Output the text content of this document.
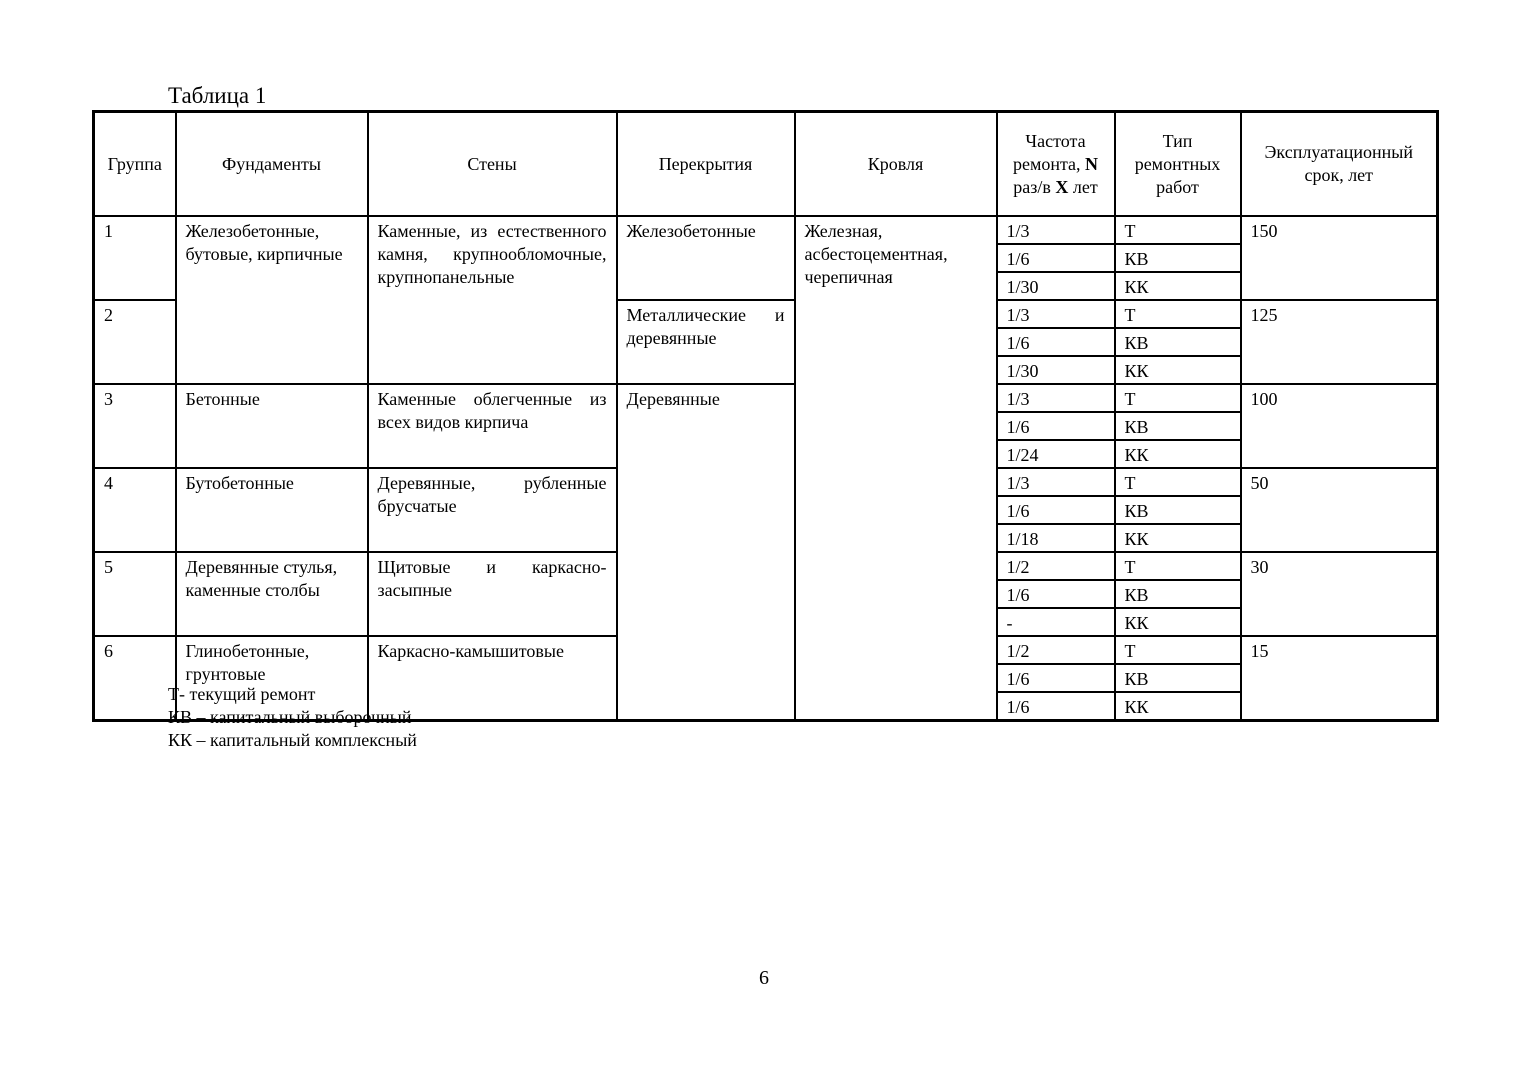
Таблица 1
Группа	Фундаменты	Стены	Перекрытия	Кровля	Частота ремонта, N раз/в X лет	Тип ремонтных работ	Эксплуатационный срок, лет
1	Железобетонные, бутовые, кирпичные	Каменные, из естественного камня, крупнообломочные, крупнопанельные	Железобетонные	Железная, асбестоцементная, черепичная	1/3	Т	150
					1/6	КВ	
					1/30	КК	
2			Металлические и деревянные		1/3	Т	125
					1/6	КВ	
					1/30	КК	
3	Бетонные	Каменные облегченные из всех видов кирпича	Деревянные		1/3	Т	100
					1/6	КВ	
					1/24	КК	
4	Бутобетонные	Деревянные, рубленные брусчатые			1/3	Т	50
					1/6	КВ	
					1/18	КК	
5	Деревянные стулья, каменные столбы	Щитовые и каркасно-засыпные			1/2	Т	30
					1/6	КВ	
					-	КК	
6	Глинобетонные, грунтовые	Каркасно-камышитовые			1/2	Т	15
					1/6	КВ	
					1/6	КК	
Т- текущий ремонт
КВ – капитальный выборочный
КК – капитальный комплексный
6
